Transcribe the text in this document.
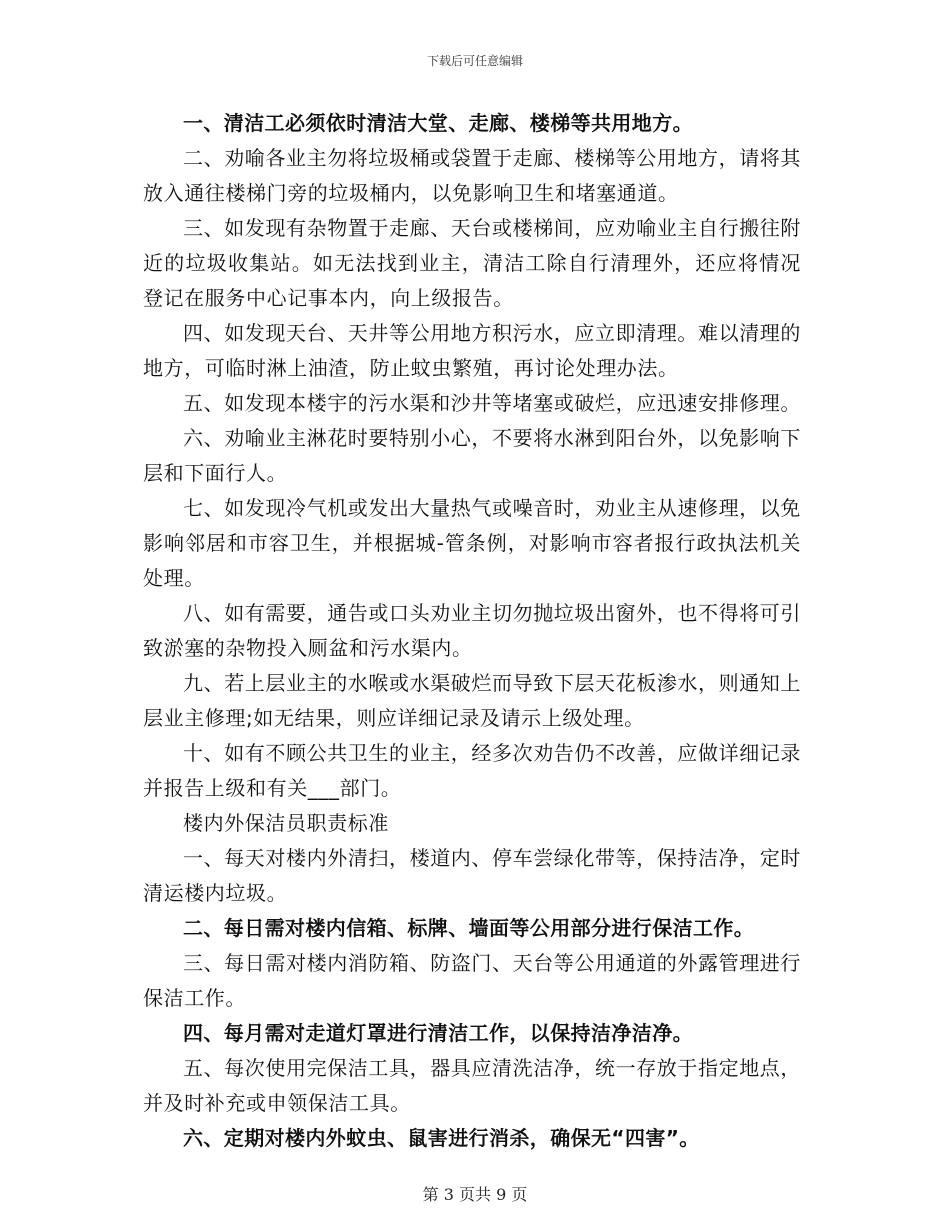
下载后可任意编辑

一、清洁工必须依时清洁大堂、走廊、楼梯等共用地方。

二、劝喻各业主勿将垃圾桶或袋置于走廊、楼梯等公用地方，请将其放入通往楼梯门旁的垃圾桶内，以免影响卫生和堵塞通道。

三、如发现有杂物置于走廊、天台或楼梯间，应劝喻业主自行搬往附近的垃圾收集站。如无法找到业主，清洁工除自行清理外，还应将情况登记在服务中心记事本内，向上级报告。

四、如发现天台、天井等公用地方积污水，应立即清理。难以清理的地方，可临时淋上油渣，防止蚊虫繁殖，再讨论处理办法。

五、如发现本楼宇的污水渠和沙井等堵塞或破烂，应迅速安排修理。

六、劝喻业主淋花时要特别小心，不要将水淋到阳台外，以免影响下层和下面行人。

七、如发现冷气机或发出大量热气或噪音时，劝业主从速修理，以免影响邻居和市容卫生，并根据城-管条例，对影响市容者报行政执法机关处理。

八、如有需要，通告或口头劝业主切勿抛垃圾出窗外，也不得将可引致淤塞的杂物投入厕盆和污水渠内。

九、若上层业主的水喉或水渠破烂而导致下层天花板渗水，则通知上层业主修理;如无结果，则应详细记录及请示上级处理。

十、如有不顾公共卫生的业主，经多次劝告仍不改善，应做详细记录并报告上级和有关___部门。

楼内外保洁员职责标准

一、每天对楼内外清扫，楼道内、停车尝绿化带等，保持洁净，定时清运楼内垃圾。

二、每日需对楼内信箱、标牌、墙面等公用部分进行保洁工作。

三、每日需对楼内消防箱、防盗门、天台等公用通道的外露管理进行保洁工作。

四、每月需对走道灯罩进行清洁工作，以保持洁净洁净。

五、每次使用完保洁工具，器具应清洗洁净，统一存放于指定地点，并及时补充或申领保洁工具。

六、定期对楼内外蚊虫、鼠害进行消杀，确保无“四害”。

第 3 页共 9 页
